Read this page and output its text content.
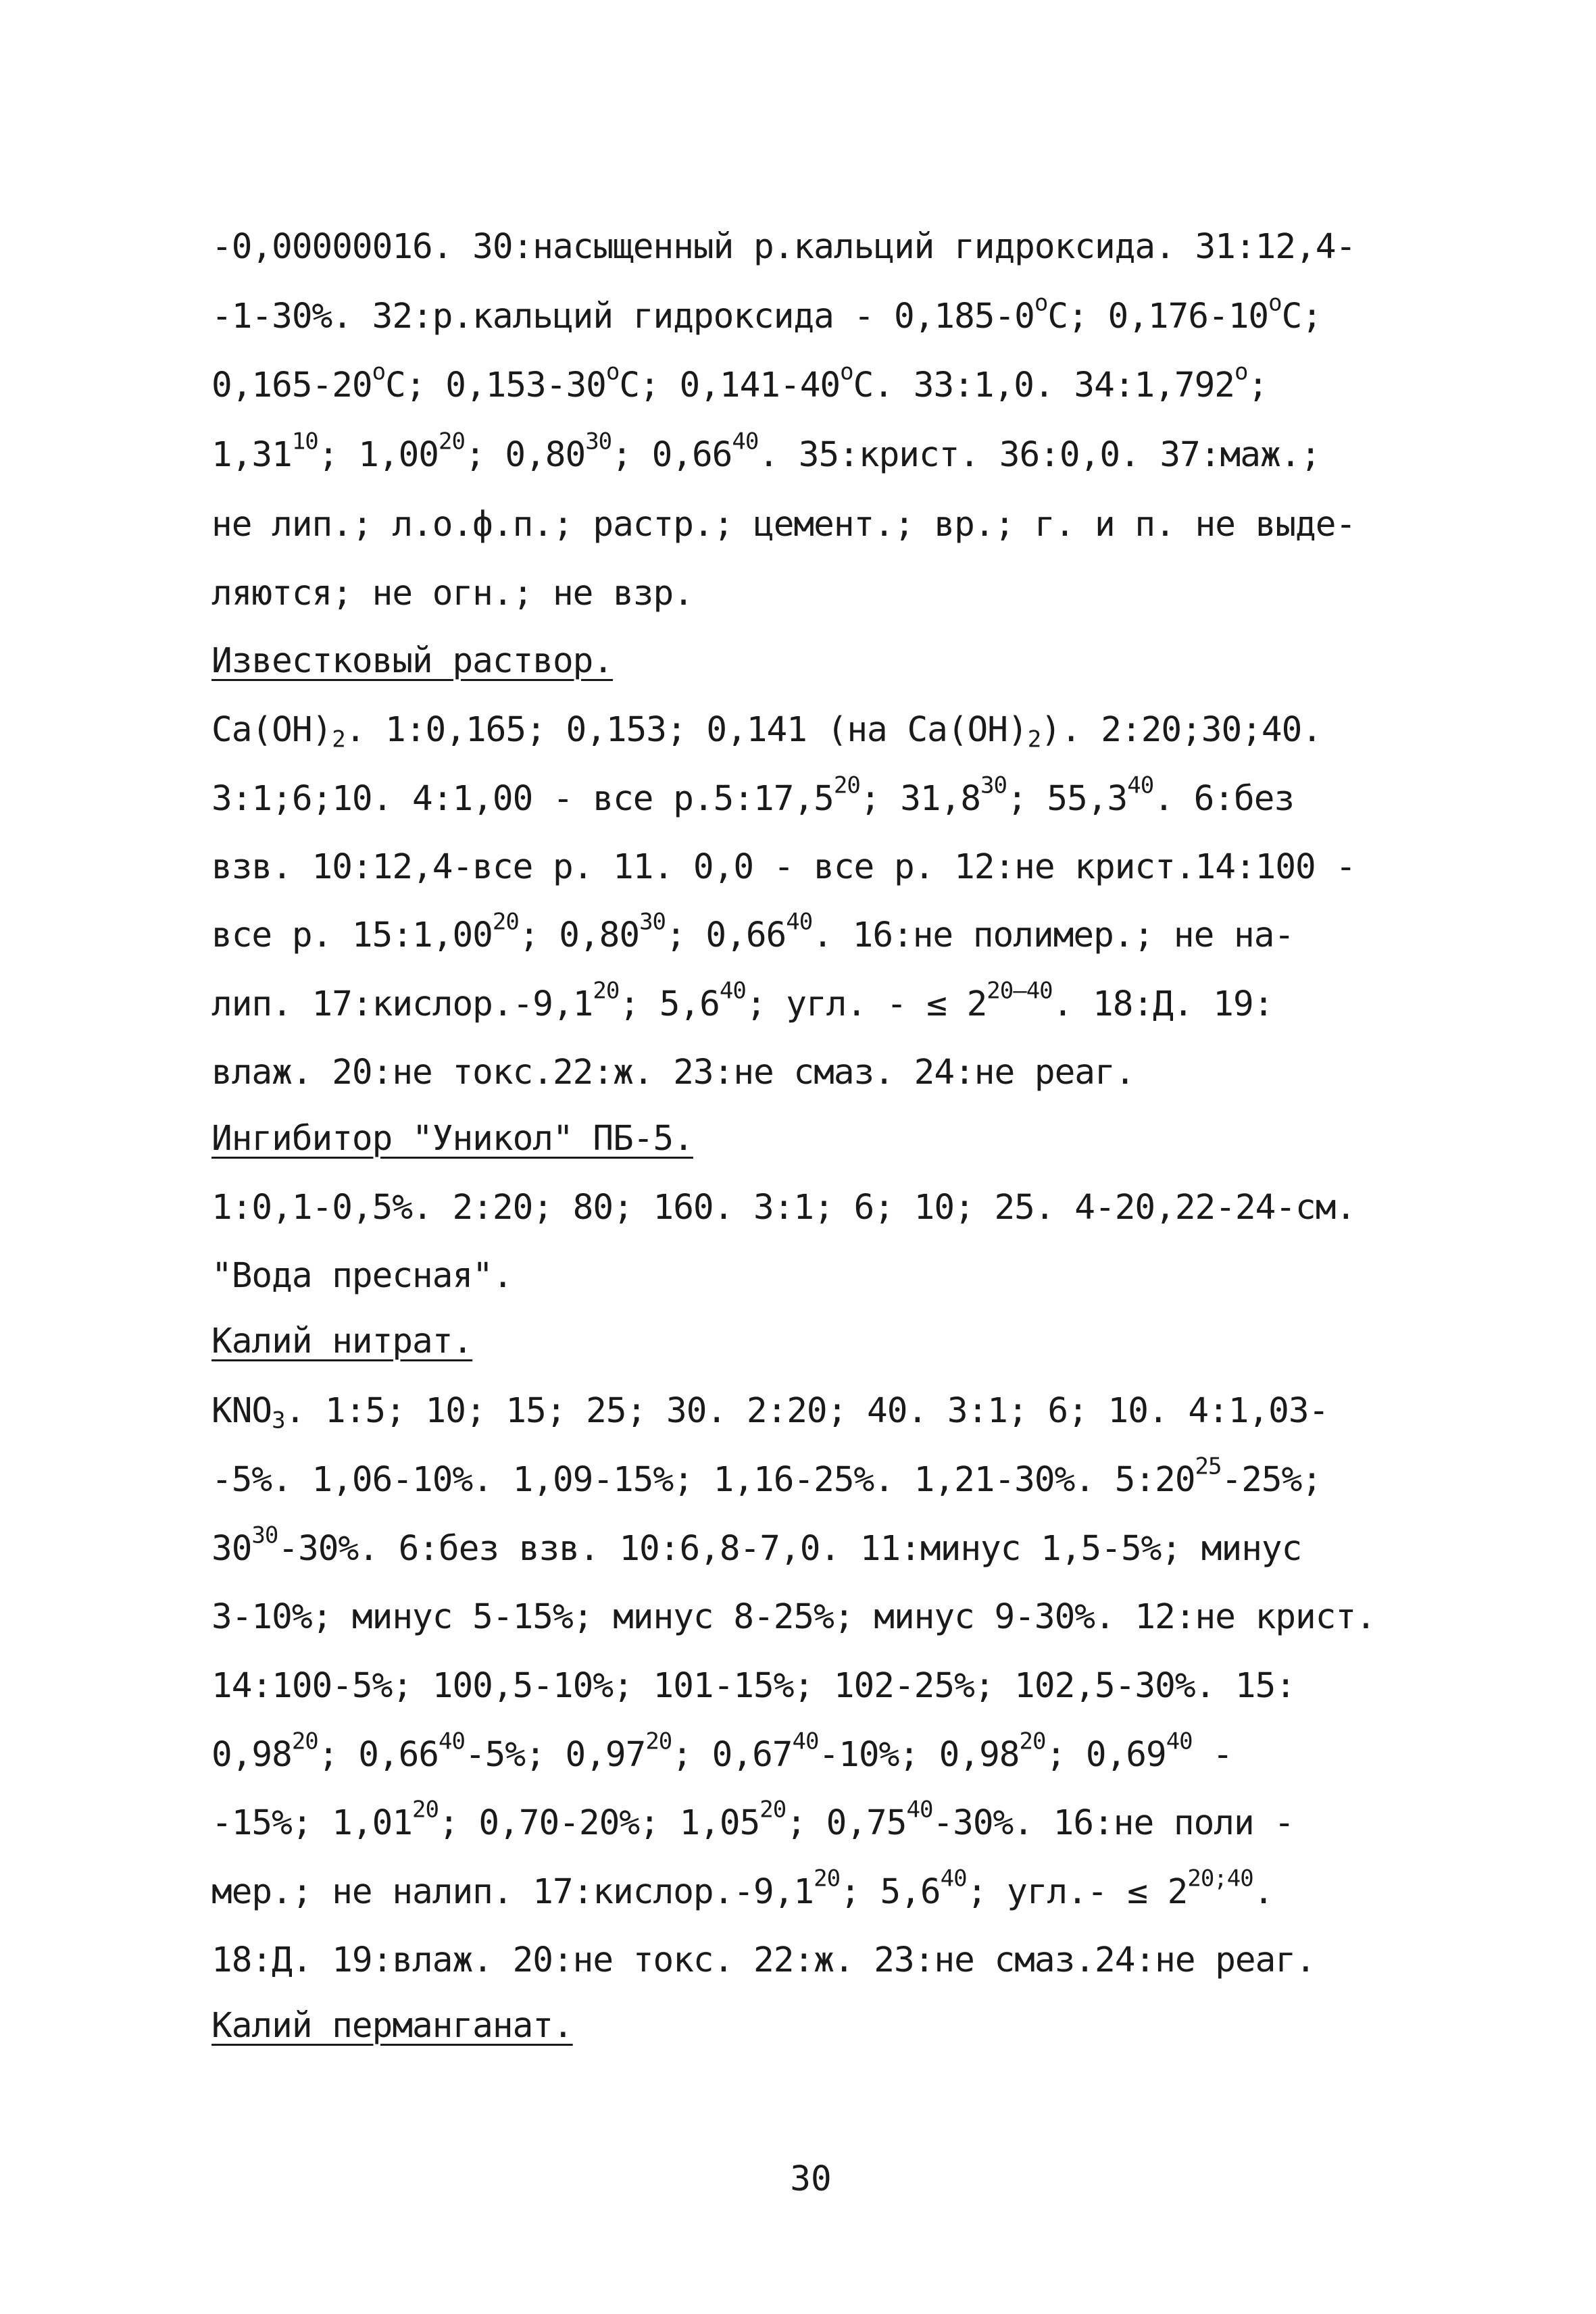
-0,00000016. 30:насыщенный р.кальций гидроксида. 31:12,4-
-1-30%. 32:р.кальций гидроксида - $0,185-0^оС$; $0,176-10^оС$;
$0,165-20^оС$; $0,153-30^оС$; $0,141-40^оС$. 33:1,0. $34:1,792^о$;
1,31$^{10}$; 1,00$^{20}$; 0,80$^{30}$; 0,66$^{40}$. 35:крист. 36:0,0. 37:маж.;
не лип.; л.о.ф.п.; растр.; цемент.; вр.; г. и п. не выде-
ляются; не огн.; не взр.
Известковый раствор.
$Са(ОН)_2$. 1:0,165; 0,153; 0,141 (на $Са(ОН)_2$). 2:20;30;40.
3:1;6;10. 4:1,00 - все р.5:17,5$^{20}$; 31,8$^{30}$; 55,3$^{40}$. 6:без
взв. 10:12,4-все р. 11. 0,0 - все р. 12:не крист.14:100 -
все р. 15:1,00$^{20}$; 0,80$^{30}$; 0,66$^{40}$. 16:не полимер.; не на-
лип. $17:кислор.-9,1^{20}$; $5,6^{40}$; угл. - ≤ $2^{20-40}$. 18:Д. 19:
влаж. 20:не токс.22:ж. 23:не смаз. 24:не реаг.
Ингибитор "Уникол" ПБ-5.
1:0,1-0,5%. 2:20; 80; 160. 3:1; 6; 10; 25. 4-20,22-24-см.
"Вода пресная".
Калий нитрат.
$КNО_3$. 1:5; 10; 15; 25; 30. 2:20; 40. 3:1; 6; 10. 4:1,03-
-5%. 1,06-10%. 1,09-15%; 1,16-25%. 1,21-30%. $5:20^{25}-25\%$;
$30^{30}-30\%$. 6:без взв. 10:6,8-7,0. 11:минус 1,5-5%; минус
3-10%; минус 5-15%; минус 8-25%; минус 9-30%. 12:не крист.
14:100-5%; 100,5-10%; 101-15%; 102-25%; 102,5-30%. 15:
0,98$^{20}$; 0,66$^{40}$-5%; 0,97$^{20}$; 0,67$^{40}$-10%; 0,98$^{20}$; 0,69$^{40}$ -
-15%; 1,01$^{20}$; 0,70-20%; 1,05$^{20}$; 0,75$^{40}$-30%. 16:не поли -
мер.; не налип. $17:кислор.-9,1^{20}$; $5,6^{40}$; $угл.- \le 2^{20;40}$.
18:Д. 19:влаж. 20:не токс. 22:ж. 23:не смаз.24:не реаг.
Калий перманганат.
30
